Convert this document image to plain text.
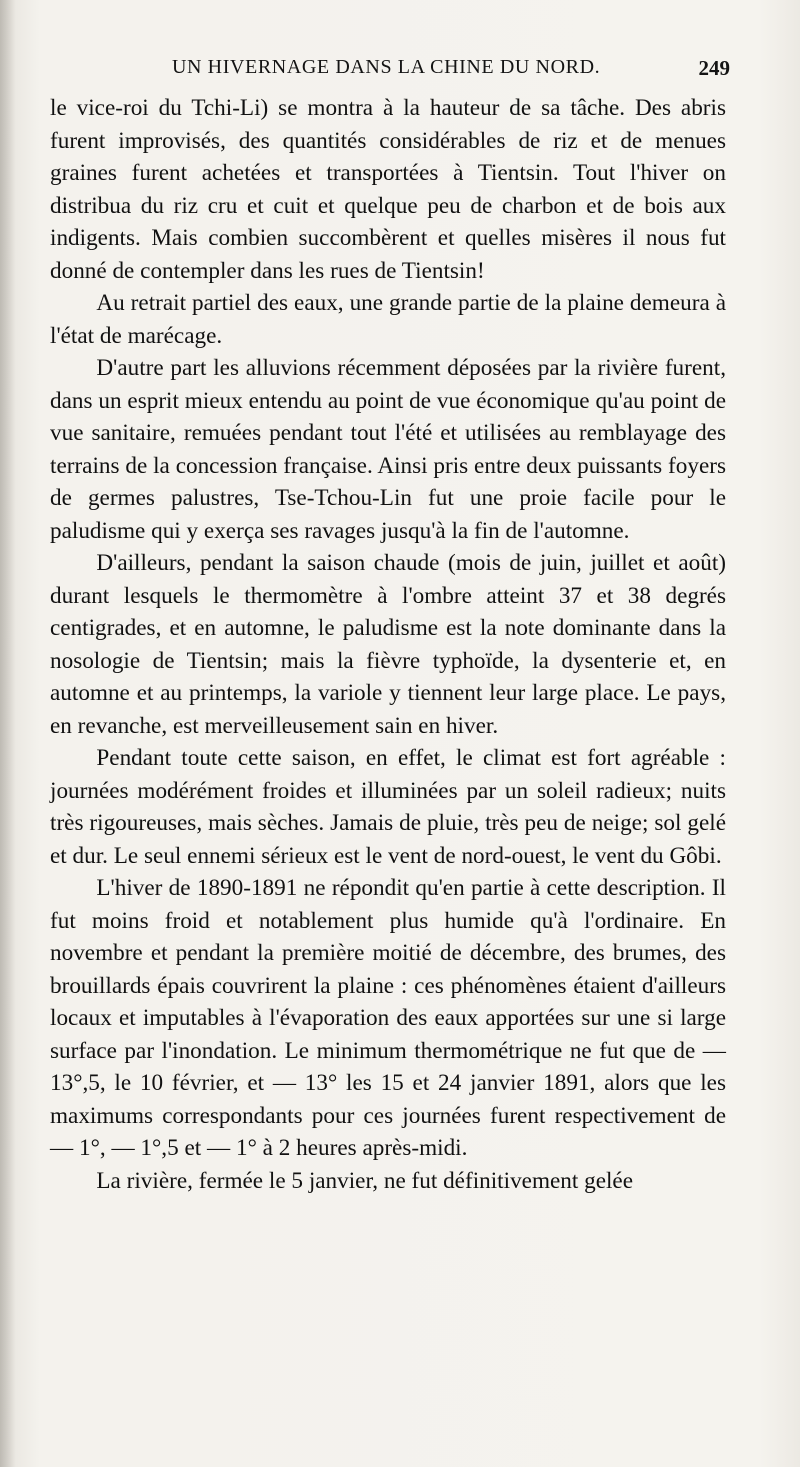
UN HIVERNAGE DANS LA CHINE DU NORD.	249

le vice-roi du Tchi-Li) se montra à la hauteur de sa tâche. Des abris furent improvisés, des quantités considérables de riz et de menues graines furent achetées et transportées à Tientsin. Tout l'hiver on distribua du riz cru et cuit et quelque peu de charbon et de bois aux indigents. Mais combien succombèrent et quelles misères il nous fut donné de contempler dans les rues de Tientsin!

Au retrait partiel des eaux, une grande partie de la plaine demeura à l'état de marécage.

D'autre part les alluvions récemment déposées par la rivière furent, dans un esprit mieux entendu au point de vue économique qu'au point de vue sanitaire, remuées pendant tout l'été et utilisées au remblayage des terrains de la concession française. Ainsi pris entre deux puissants foyers de germes palustres, Tse-Tchou-Lin fut une proie facile pour le paludisme qui y exerça ses ravages jusqu'à la fin de l'automne.

D'ailleurs, pendant la saison chaude (mois de juin, juillet et août) durant lesquels le thermomètre à l'ombre atteint 37 et 38 degrés centigrades, et en automne, le paludisme est la note dominante dans la nosologie de Tientsin; mais la fièvre typhoïde, la dysenterie et, en automne et au printemps, la variole y tiennent leur large place. Le pays, en revanche, est merveilleusement sain en hiver.

Pendant toute cette saison, en effet, le climat est fort agréable : journées modérément froides et illuminées par un soleil radieux; nuits très rigoureuses, mais sèches. Jamais de pluie, très peu de neige; sol gelé et dur. Le seul ennemi sérieux est le vent de nord-ouest, le vent du Gôbi.

L'hiver de 1890-1891 ne répondit qu'en partie à cette description. Il fut moins froid et notablement plus humide qu'à l'ordinaire. En novembre et pendant la première moitié de décembre, des brumes, des brouillards épais couvrirent la plaine : ces phénomènes étaient d'ailleurs locaux et imputables à l'évaporation des eaux apportées sur une si large surface par l'inondation. Le minimum thermométrique ne fut que de — 13°,5, le 10 février, et — 13° les 15 et 24 janvier 1891, alors que les maximums correspondants pour ces journées furent respectivement de — 1°, — 1°,5 et — 1° à 2 heures après-midi.

La rivière, fermée le 5 janvier, ne fut définitivement gelée
